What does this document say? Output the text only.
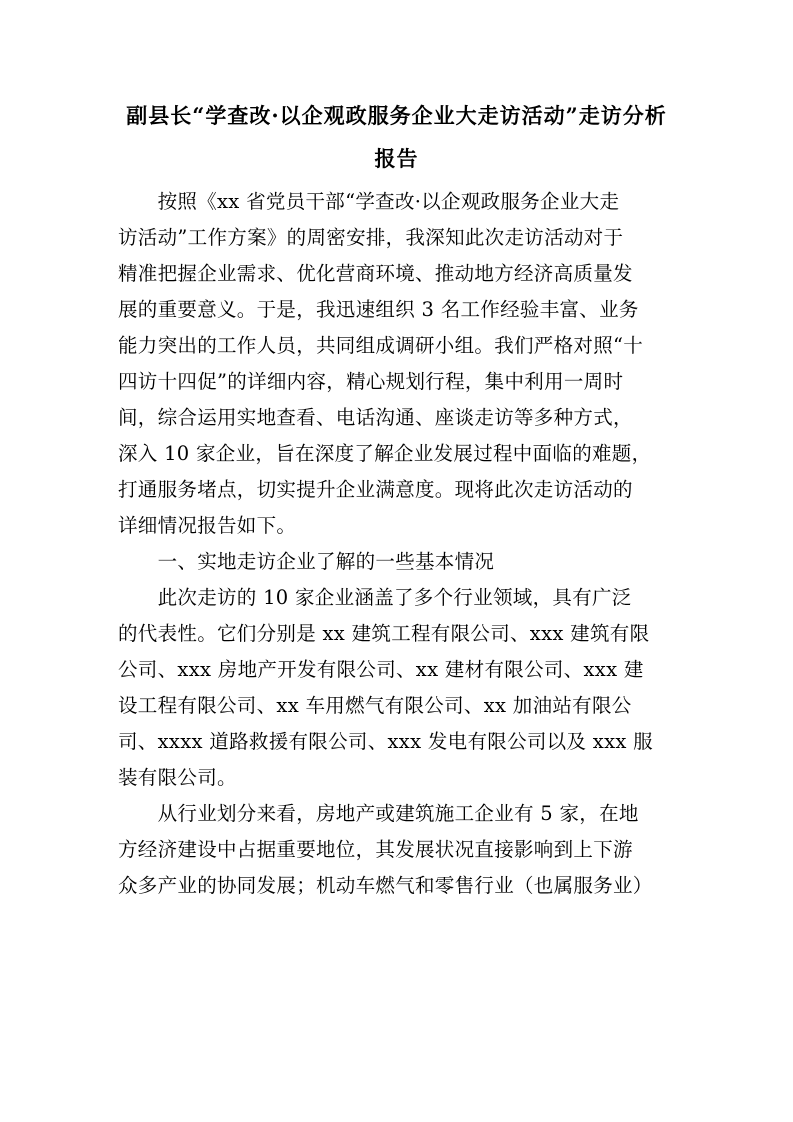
副县长“学查改·以企观政服务企业大走访活动”走访分析
报告
　　按照《xx 省党员干部“学查改·以企观政服务企业大走
访活动”工作方案》的周密安排，我深知此次走访活动对于
精准把握企业需求、优化营商环境、推动地方经济高质量发
展的重要意义。于是，我迅速组织 3 名工作经验丰富、业务
能力突出的工作人员，共同组成调研小组。我们严格对照“十
四访十四促”的详细内容，精心规划行程，集中利用一周时
间，综合运用实地查看、电话沟通、座谈走访等多种方式，
深入 10 家企业，旨在深度了解企业发展过程中面临的难题，
打通服务堵点，切实提升企业满意度。现将此次走访活动的
详细情况报告如下。
　　一、实地走访企业了解的一些基本情况
　　此次走访的 10 家企业涵盖了多个行业领域，具有广泛
的代表性。它们分别是 xx 建筑工程有限公司、xxx 建筑有限
公司、xxx 房地产开发有限公司、xx 建材有限公司、xxx 建
设工程有限公司、xx 车用燃气有限公司、xx 加油站有限公
司、xxxx 道路救援有限公司、xxx 发电有限公司以及 xxx 服
装有限公司。
　　从行业划分来看，房地产或建筑施工企业有 5 家，在地
方经济建设中占据重要地位，其发展状况直接影响到上下游
众多产业的协同发展；机动车燃气和零售行业（也属服务业）
